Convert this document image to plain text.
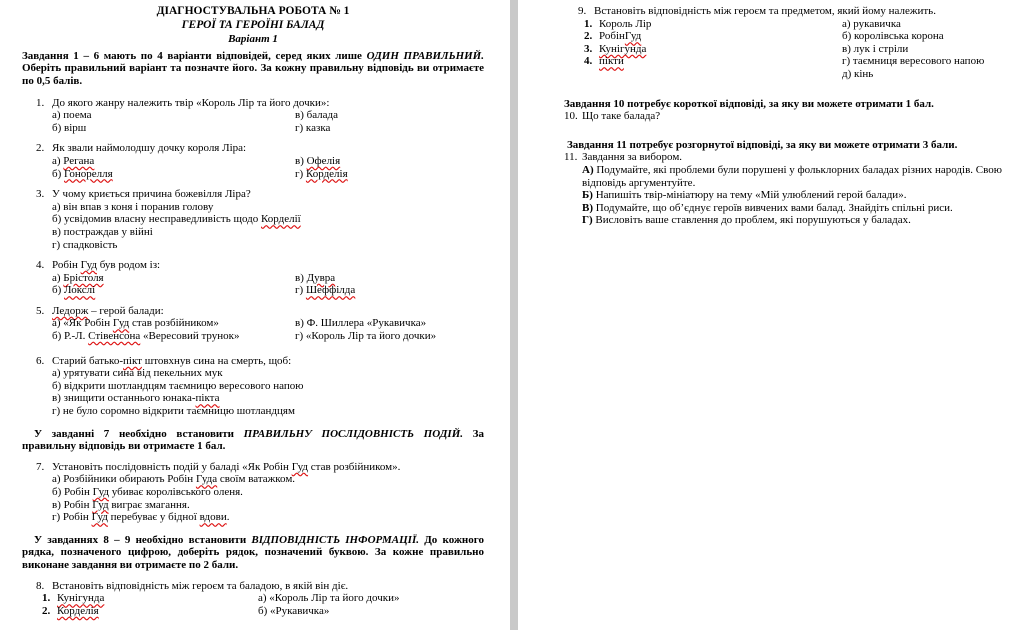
ДІАГНОСТУВАЛЬНА РОБОТА № 1
ГЕРОЇ ТА ГЕРОЇНІ БАЛАД
Варіант 1
Завдання 1 – 6 мають по 4 варіанти відповідей, серед яких лише ОДИН ПРАВИЛЬНИЙ. Оберіть правильний варіант та позначте його. За кожну правильну відповідь ви отримаєте по 0,5 балів.
1. До якого жанру належить твір «Король Лір та його дочки»:
а) поема	в) балада
б) вірш	г) казка
2. Як звали наймолодшу дочку короля Ліра:
а) Регана	в) Офелія
б) Гонорелля	г) Корделія
3. У чому криється причина божевілля Ліра?
а) він впав з коня і поранив голову
б) усвідомив власну несправедливість щодо Корделії
в) постраждав у війні
г) спадковість
4. Робін Гуд був родом із:
а) Брістоля	в) Дувра
б) Локслі	г) Шеффілда
5. Ледорж – герой балади:
а) «Як Робін Гуд став розбійником»	в) Ф. Шиллера «Рукавичка»
б) Р.-Л. Стівенсона «Вересовий трунок»	г) «Король Лір та його дочки»
6. Старий батько-пікт штовхнув сина на смерть, щоб:
а) урятувати сина від пекельних мук
б) відкрити шотландцям таємницю вересового напою
в) знищити останнього юнака-пікта
г) не було соромно відкрити таємницю шотландцям
У завданні 7 необхідно встановити ПРАВИЛЬНУ ПОСЛІДОВНІСТЬ ПОДІЙ. За правильну відповідь ви отримаєте 1 бал.
7. Установіть послідовність подій у баладі «Як Робін Гуд став розбійником».
а) Розбійники обирають Робін Гуда своїм ватажком.
б) Робін Гуд убиває королівського оленя.
в) Робін Гуд виграє змагання.
г) Робін Гуд перебуває у бідної вдови.
У завданнях 8 – 9 необхідно встановити ВІДПОВІДНІСТЬ ІНФОРМАЦІЇ. До кожного рядка, позначеного цифрою, доберіть рядок, позначений буквою. За кожне правильно виконане завдання ви отримаєте по 2 бали.
8. Встановіть відповідність між героєм та баладою, в якій він діє.
1. Кунігунда	а) «Король Лір та його дочки»
2. Корделія	б) «Рукавичка»
9. Встановіть відповідність між героєм та предметом, який йому належить.
1. Король Лір	а) рукавичка
2. Робін Гуд	б) королівська корона
3. Кунігунда	в) лук і стріли
4. пікти	г) таємниця вересового напою
д) кінь
Завдання 10 потребує короткої відповіді, за яку ви можете отримати 1 бал.
10. Що таке балада?
Завдання 11 потребує розгорнутої відповіді, за яку ви можете отримати 3 бали.
11. Завдання за вибором.
А) Подумайте, які проблеми були порушені у фольклорних баладах різних народів. Свою відповідь аргументуйте.
Б) Напишіть твір-мініатюру на тему «Мій улюблений герой балади».
В) Подумайте, що об’єднує героїв вивчених вами балад. Знайдіть спільні риси.
Г) Висловіть ваше ставлення до проблем, які порушуються у баладах.
